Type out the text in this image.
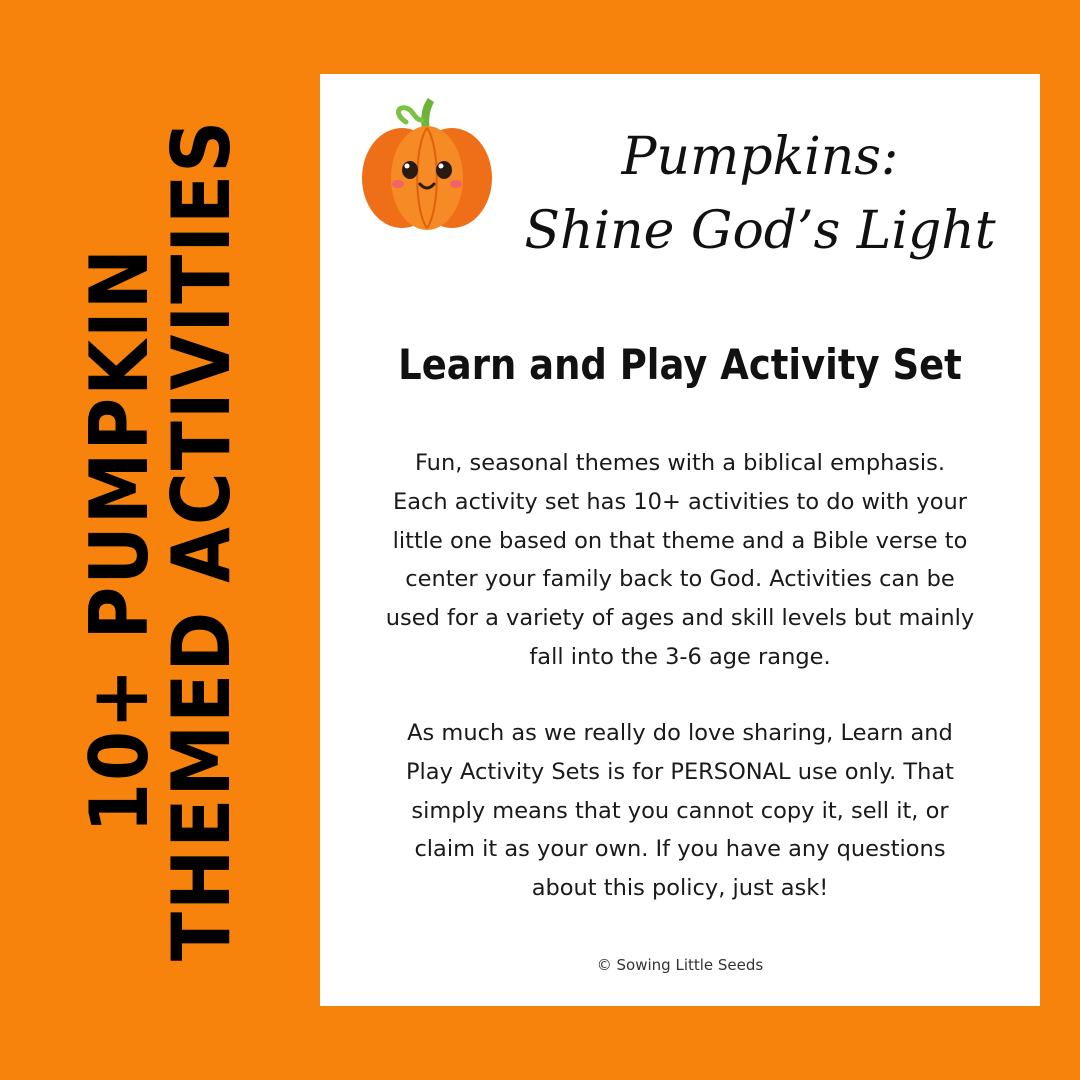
10+ PUMPKIN
THEMED ACTIVITIES	Pumpkins:
Shine God’s Light
Learn and Play Activity Set
Fun, seasonal themes with a biblical emphasis.
Each activity set has 10+ activities to do with your
little one based on that theme and a Bible verse to
center your family back to God. Activities can be
used for a variety of ages and skill levels but mainly
fall into the 3-6 age range.
As much as we really do love sharing, Learn and
Play Activity Sets is for PERSONAL use only. That
simply means that you cannot copy it, sell it, or
claim it as your own. If you have any questions
about this policy, just ask!
© Sowing Little Seeds
